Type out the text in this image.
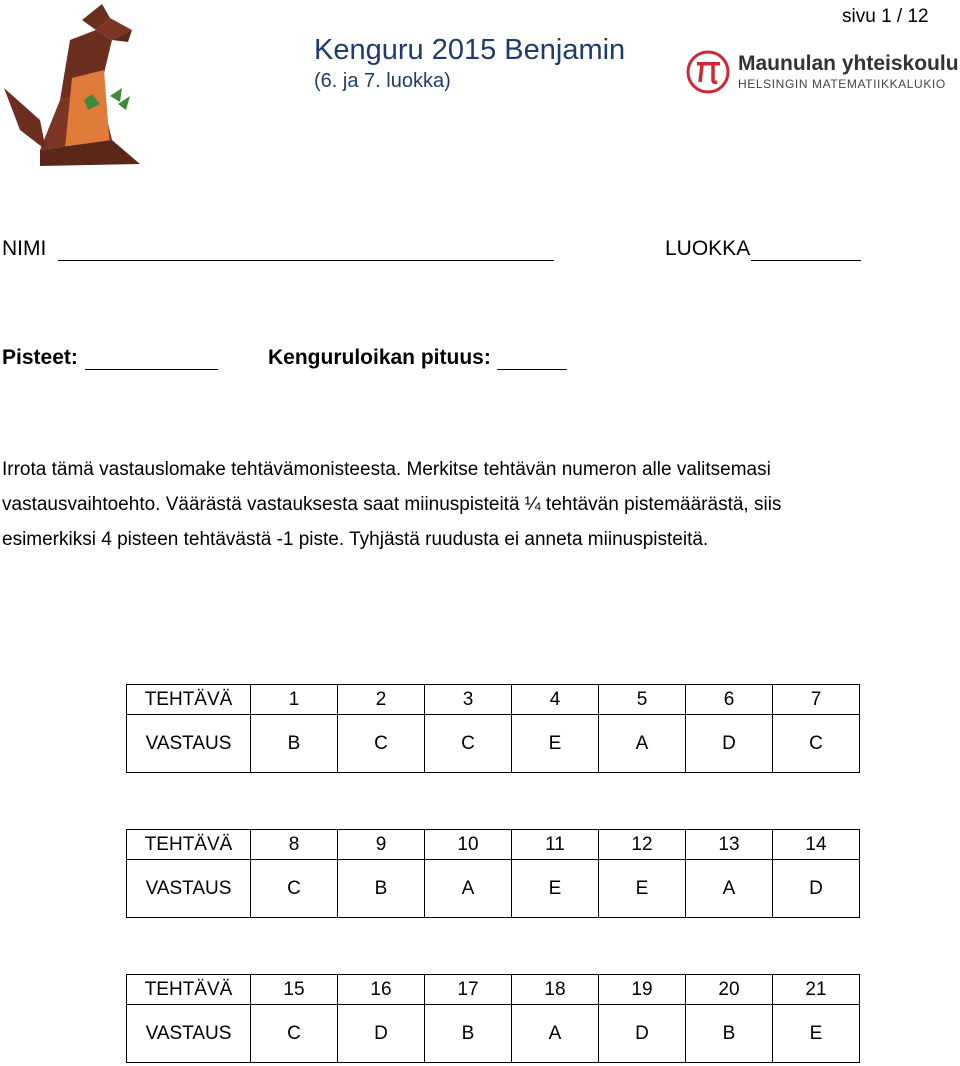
Kenguru 2015 Benjamin
(6. ja 7. luokka)
sivu 1 / 12
Maunulan yhteiskoulu
HELSINGIN MATEMATIIKKALUKIO
NIMI	LUOKKA
Pisteet:	Kenguruloikan pituus:

Irrota tämä vastauslomake tehtävämonisteesta. Merkitse tehtävän numeron alle valitsemasi

vastausvaihtoehto. Väärästä vastauksesta saat miinuspisteitä ¼ tehtävän pistemäärästä, siis

esimerkiksi 4 pisteen tehtävästä -1 piste. Tyhjästä ruudusta ei anneta miinuspisteitä.

TEHTÄVÄ	1	2	3	4	5	6	7
VASTAUS	B	C	C	E	A	D	C
TEHTÄVÄ	8	9	10	11	12	13	14
VASTAUS	C	B	A	E	E	A	D
TEHTÄVÄ	15	16	17	18	19	20	21
VASTAUS	C	D	B	A	D	B	E
